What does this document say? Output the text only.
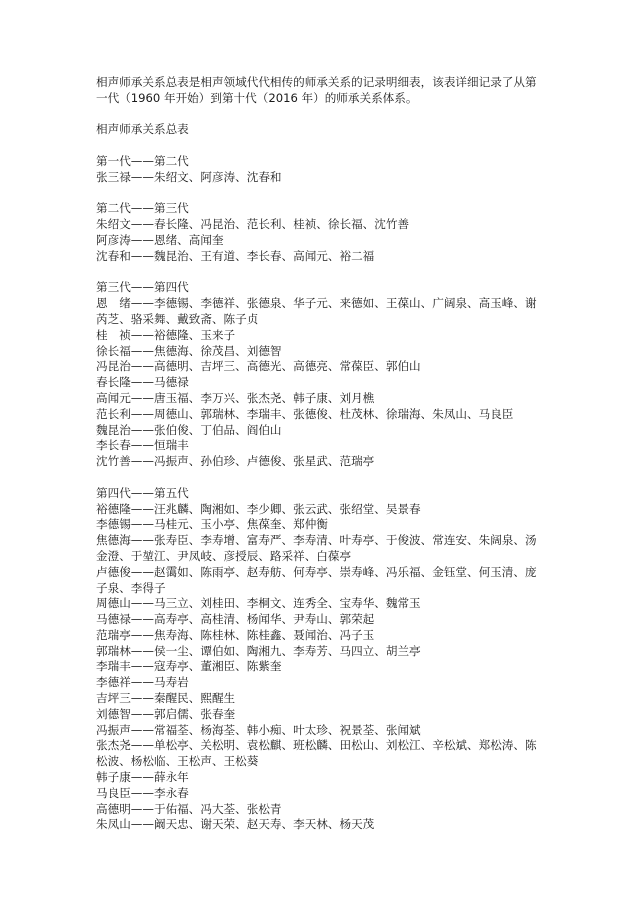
相声师承关系总表是相声领域代代相传的师承关系的记录明细表，该表详细记录了从第一代（1960 年开始）到第十代（2016 年）的师承关系体系。

相声师承关系总表

第一代——第二代
张三禄——朱绍文、阿彦涛、沈春和
第二代——第三代
朱绍文——春长隆、冯昆治、范长利、桂祯、徐长福、沈竹善
阿彦涛——恩绪、高闻奎
沈春和——魏昆治、王有道、李长春、高闻元、裕二福
第三代——第四代
恩　绪——李德锡、李德祥、张德泉、华子元、来德如、王葆山、广阔泉、高玉峰、谢芮芝、骆采舞、戴致斋、陈子贞
桂　祯——裕德隆、玉来子
徐长福——焦德海、徐茂昌、刘德智
冯昆治——高德明、吉坪三、高德光、高德亮、常葆臣、郭伯山
春长隆——马德禄
高闻元——唐玉福、李万兴、张杰尧、韩子康、刘月樵
范长利——周德山、郭瑞林、李瑞丰、张德俊、杜茂林、徐瑞海、朱凤山、马良臣
魏昆治——张伯俊、丁伯品、阎伯山
李长春——恒瑞丰
沈竹善——冯振声、孙伯珍、卢德俊、张星武、范瑞亭
第四代——第五代
裕德隆——汪兆麟、陶湘如、李少卿、张云武、张绍堂、吴景春
李德锡——马桂元、玉小亭、焦葆奎、郑仲衡
焦德海——张寿臣、李寿增、富寿严、李寿清、叶寿亭、于俊波、常连安、朱阔泉、汤金澄、于堃江、尹凤岐、彦授辰、路采祥、白葆亭
卢德俊——赵霭如、陈雨亭、赵寿舫、何寿亭、崇寿峰、冯乐福、金钰堂、何玉清、庞子泉、李得子
周德山——马三立、刘桂田、李桐文、连秀全、宝寿华、魏常玉
马德禄——高寿亭、高桂清、杨闻华、尹寿山、郭荣起
范瑞亭——焦寿海、陈桂林、陈桂鑫、聂闻治、冯子玉
郭瑞林——侯一尘、谭伯如、陶湘九、李寿芳、马四立、胡兰亭
李瑞丰——寇寿亭、董湘臣、陈紫奎
李德祥——马寿岩
吉坪三——秦醒民、熙醒生
刘德智——郭启儒、张春奎
冯振声——常福荃、杨海荃、韩小痴、叶太珍、祝景荃、张闻斌
张杰尧——单松亭、关松明、袁松麒、班松麟、田松山、刘松江、辛松斌、郑松涛、陈松波、杨松临、王松声、王松葵
韩子康——薛永年
马良臣——李永春
高德明——于佑福、冯大荃、张松青
朱凤山——阚天忠、谢天荣、赵天寿、李天林、杨天茂
